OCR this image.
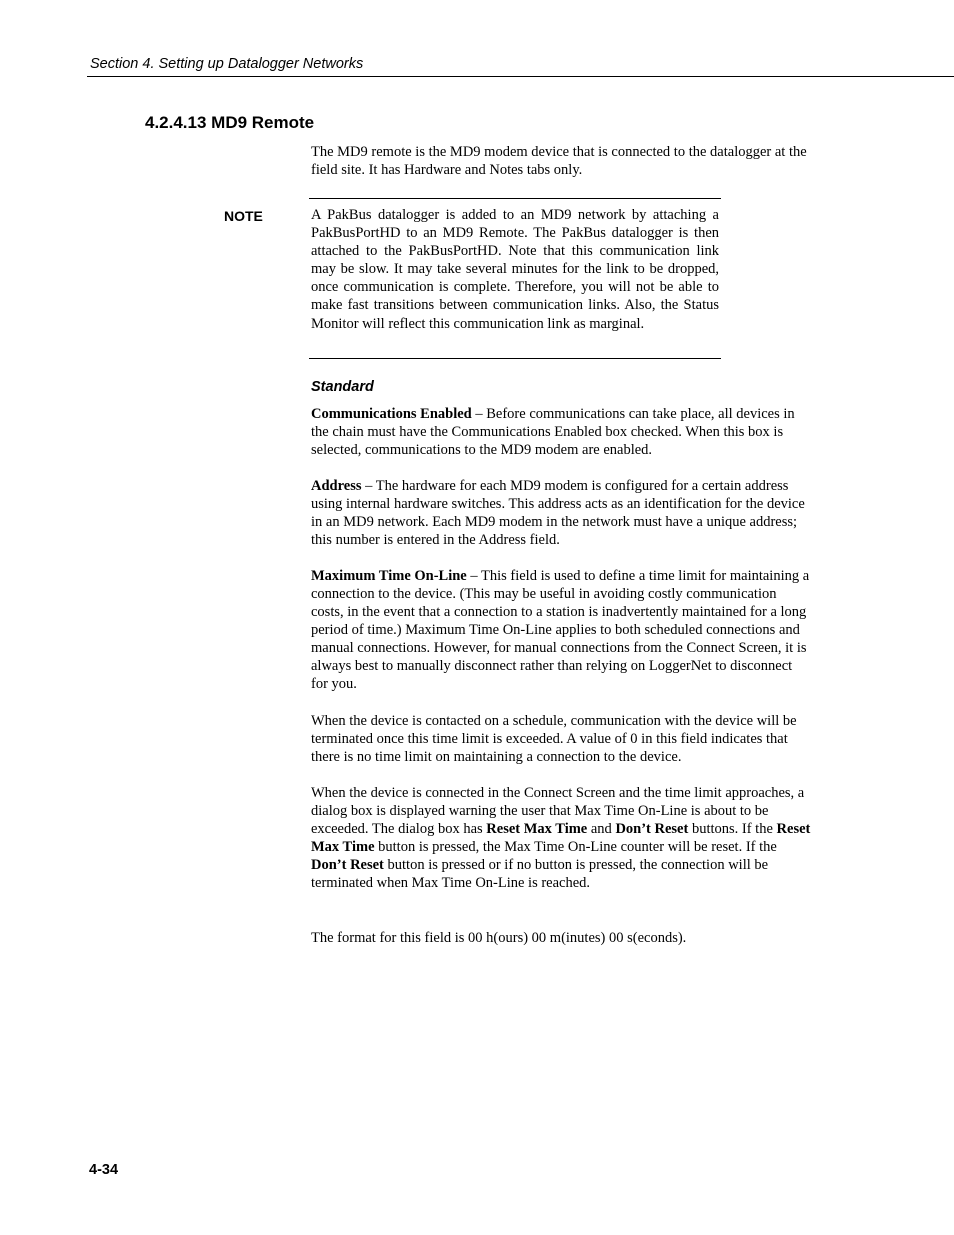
Section 4. Setting up Datalogger Networks
4.2.4.13 MD9 Remote

The MD9 remote is the MD9 modem device that is connected to the datalogger at the field site. It has Hardware and Notes tabs only.

NOTE	A PakBus datalogger is added to an MD9 network by attaching a PakBusPortHD to an MD9 Remote. The PakBus datalogger is then attached to the PakBusPortHD. Note that this communication link may be slow. It may take several minutes for the link to be dropped, once communication is complete. Therefore, you will not be able to make fast transitions between communication links. Also, the Status Monitor will reflect this communication link as marginal.

Standard

Communications Enabled – Before communications can take place, all devices in the chain must have the Communications Enabled box checked. When this box is selected, communications to the MD9 modem are enabled.

Address – The hardware for each MD9 modem is configured for a certain address using internal hardware switches. This address acts as an identification for the device in an MD9 network. Each MD9 modem in the network must have a unique address; this number is entered in the Address field.

Maximum Time On-Line – This field is used to define a time limit for maintaining a connection to the device. (This may be useful in avoiding costly communication costs, in the event that a connection to a station is inadvertently maintained for a long period of time.) Maximum Time On-Line applies to both scheduled connections and manual connections. However, for manual connections from the Connect Screen, it is always best to manually disconnect rather than relying on LoggerNet to disconnect for you.

When the device is contacted on a schedule, communication with the device will be terminated once this time limit is exceeded. A value of 0 in this field indicates that there is no time limit on maintaining a connection to the device.

When the device is connected in the Connect Screen and the time limit approaches, a dialog box is displayed warning the user that Max Time On-Line is about to be exceeded. The dialog box has Reset Max Time and Don’t Reset buttons. If the Reset Max Time button is pressed, the Max Time On-Line counter will be reset. If the Don’t Reset button is pressed or if no button is pressed, the connection will be terminated when Max Time On-Line is reached.

The format for this field is 00 h(ours) 00 m(inutes) 00 s(econds).

4-34
